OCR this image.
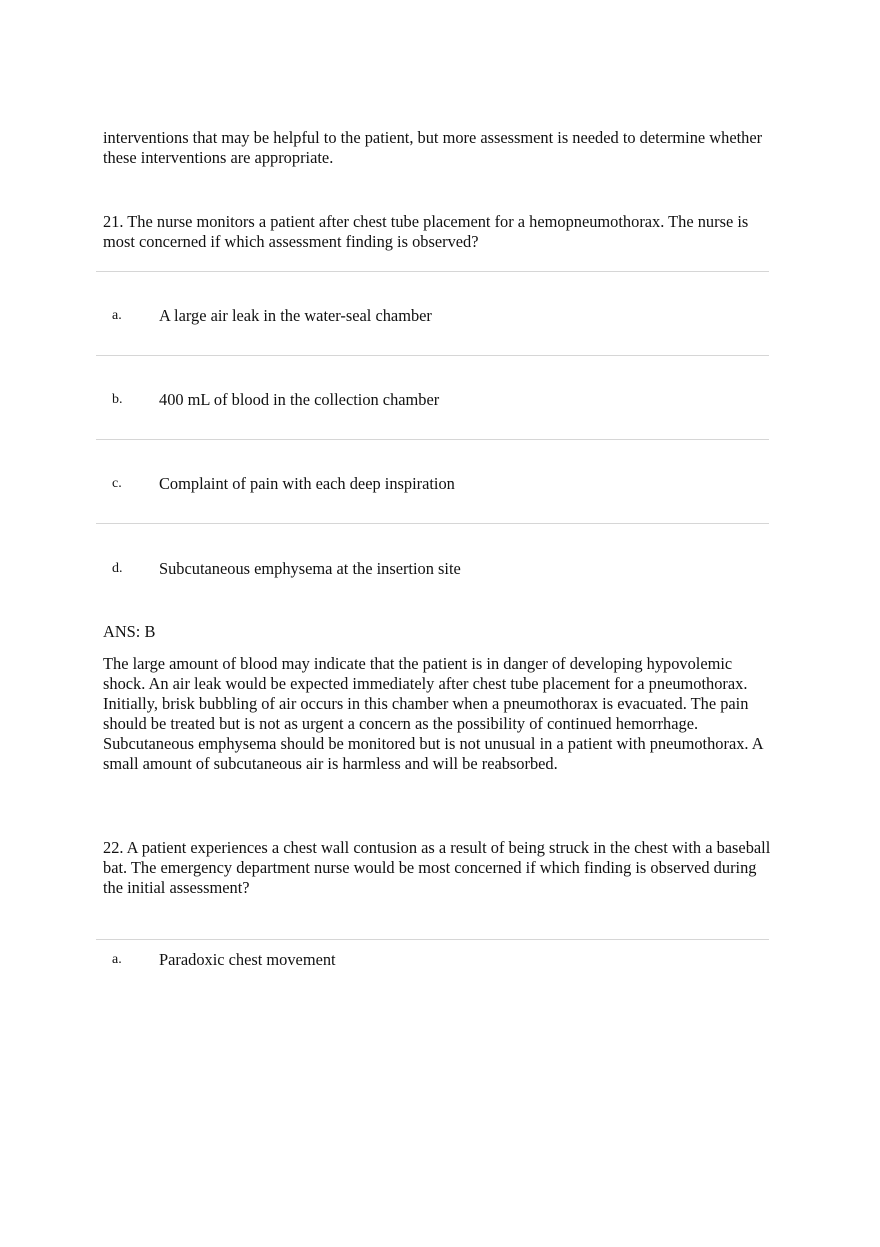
interventions that may be helpful to the patient, but more assessment is needed to determine whether these interventions are appropriate.

21. The nurse monitors a patient after chest tube placement for a hemopneumothorax. The nurse is most concerned if which assessment finding is observed?

a. A large air leak in the water-seal chamber
b. 400 mL of blood in the collection chamber
c. Complaint of pain with each deep inspiration
d. Subcutaneous emphysema at the insertion site

ANS: B

The large amount of blood may indicate that the patient is in danger of developing hypovolemic shock. An air leak would be expected immediately after chest tube placement for a pneumothorax. Initially, brisk bubbling of air occurs in this chamber when a pneumothorax is evacuated. The pain should be treated but is not as urgent a concern as the possibility of continued hemorrhage. Subcutaneous emphysema should be monitored but is not unusual in a patient with pneumothorax. A small amount of subcutaneous air is harmless and will be reabsorbed.

22. A patient experiences a chest wall contusion as a result of being struck in the chest with a baseball bat. The emergency department nurse would be most concerned if which finding is observed during the initial assessment?

a. Paradoxic chest movement
